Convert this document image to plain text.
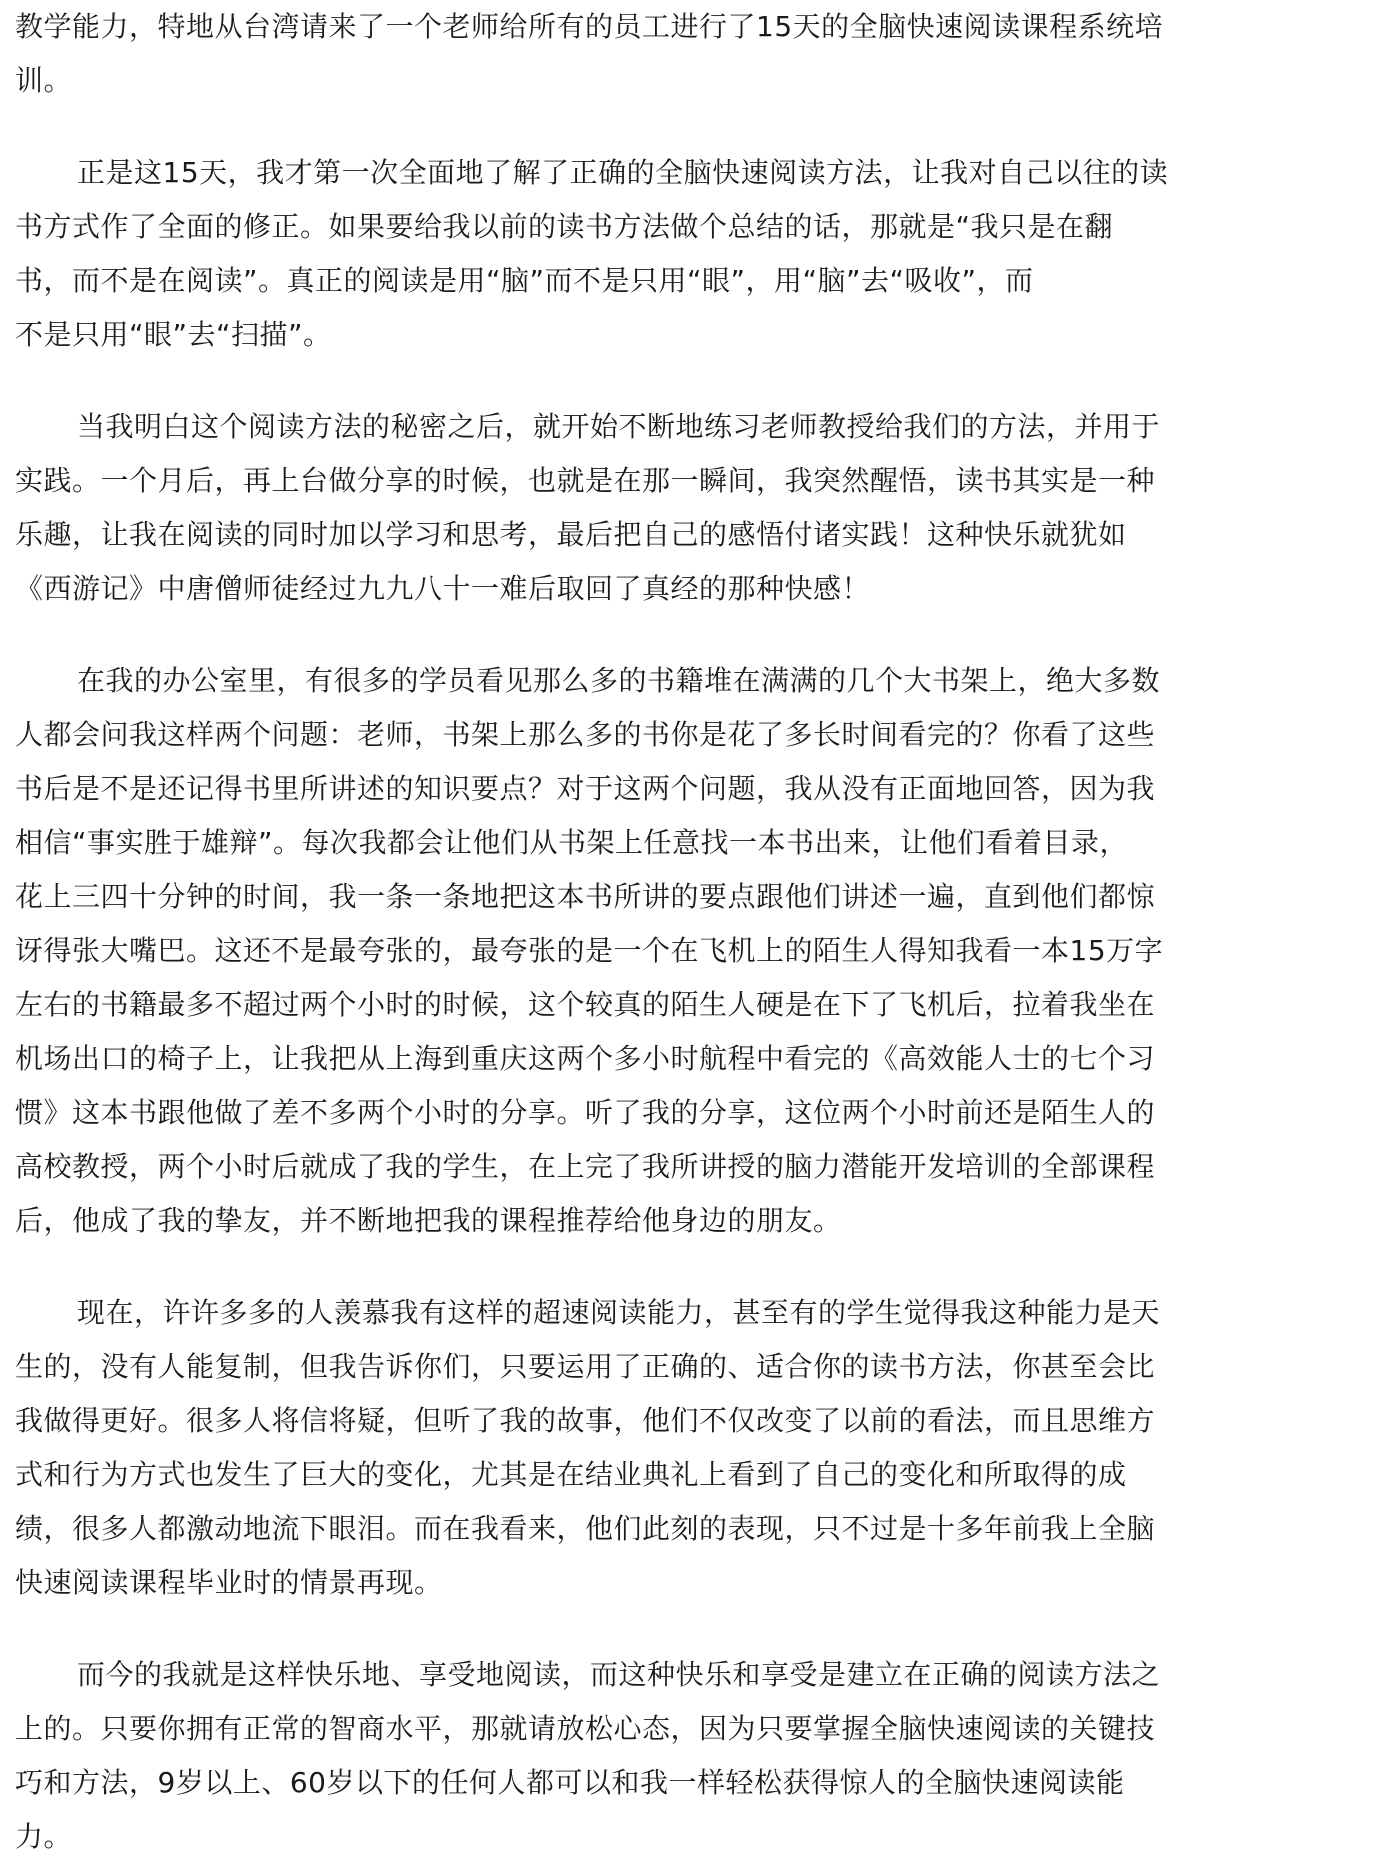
教学能力，特地从台湾请来了一个老师给所有的员工进行了15天的全脑快速阅读课程系统培
训。
正是这15天，我才第一次全面地了解了正确的全脑快速阅读方法，让我对自己以往的读
书方式作了全面的修正。如果要给我以前的读书方法做个总结的话，那就是“我只是在翻
书，而不是在阅读”。真正的阅读是用“脑”而不是只用“眼”，用“脑”去“吸收”，而
不是只用“眼”去“扫描”。
当我明白这个阅读方法的秘密之后，就开始不断地练习老师教授给我们的方法，并用于
实践。一个月后，再上台做分享的时候，也就是在那一瞬间，我突然醒悟，读书其实是一种
乐趣，让我在阅读的同时加以学习和思考，最后把自己的感悟付诸实践！这种快乐就犹如
《西游记》中唐僧师徒经过九九八十一难后取回了真经的那种快感！
在我的办公室里，有很多的学员看见那么多的书籍堆在满满的几个大书架上，绝大多数
人都会问我这样两个问题：老师，书架上那么多的书你是花了多长时间看完的？你看了这些
书后是不是还记得书里所讲述的知识要点？对于这两个问题，我从没有正面地回答，因为我
相信“事实胜于雄辩”。每次我都会让他们从书架上任意找一本书出来，让他们看着目录，
花上三四十分钟的时间，我一条一条地把这本书所讲的要点跟他们讲述一遍，直到他们都惊
讶得张大嘴巴。这还不是最夸张的，最夸张的是一个在飞机上的陌生人得知我看一本15万字
左右的书籍最多不超过两个小时的时候，这个较真的陌生人硬是在下了飞机后，拉着我坐在
机场出口的椅子上，让我把从上海到重庆这两个多小时航程中看完的《高效能人士的七个习
惯》这本书跟他做了差不多两个小时的分享。听了我的分享，这位两个小时前还是陌生人的
高校教授，两个小时后就成了我的学生，在上完了我所讲授的脑力潜能开发培训的全部课程
后，他成了我的挚友，并不断地把我的课程推荐给他身边的朋友。
现在，许许多多的人羡慕我有这样的超速阅读能力，甚至有的学生觉得我这种能力是天
生的，没有人能复制，但我告诉你们，只要运用了正确的、适合你的读书方法，你甚至会比
我做得更好。很多人将信将疑，但听了我的故事，他们不仅改变了以前的看法，而且思维方
式和行为方式也发生了巨大的变化，尤其是在结业典礼上看到了自己的变化和所取得的成
绩，很多人都激动地流下眼泪。而在我看来，他们此刻的表现，只不过是十多年前我上全脑
快速阅读课程毕业时的情景再现。
而今的我就是这样快乐地、享受地阅读，而这种快乐和享受是建立在正确的阅读方法之
上的。只要你拥有正常的智商水平，那就请放松心态，因为只要掌握全脑快速阅读的关键技
巧和方法，9岁以上、60岁以下的任何人都可以和我一样轻松获得惊人的全脑快速阅读能
力。
